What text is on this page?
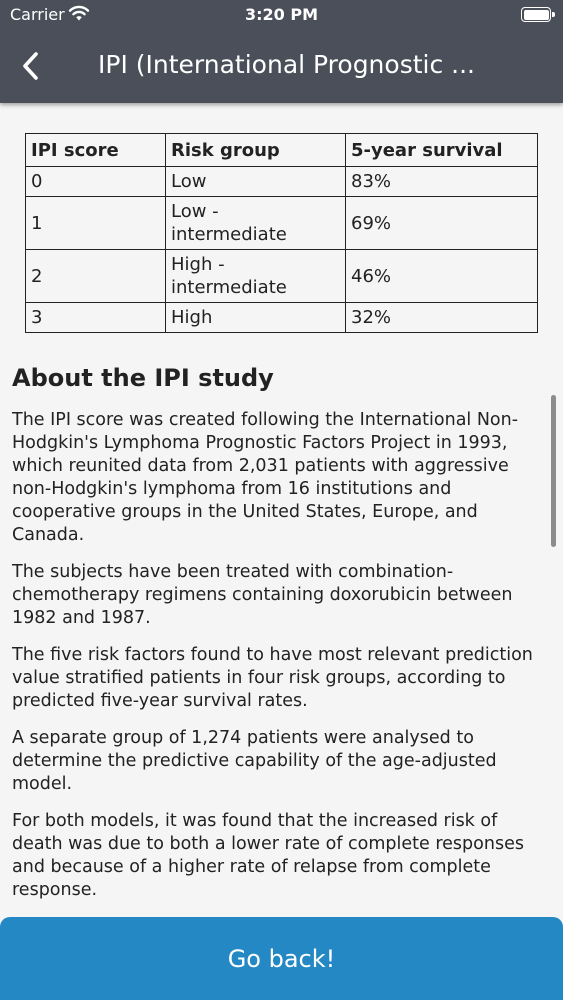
Carrier	3:20 PM
IPI (International Prognostic ...
IPI score	Risk group	5-year survival
0	Low	83%
1	Low - intermediate	69%
2	High - intermediate	46%
3	High	32%
About the IPI study

The IPI score was created following the International Non-Hodgkin's Lymphoma Prognostic Factors Project in 1993, which reunited data from 2,031 patients with aggressive non-Hodgkin's lymphoma from 16 institutions and cooperative groups in the United States, Europe, and Canada.

The subjects have been treated with combination-chemotherapy regimens containing doxorubicin between 1982 and 1987.

The five risk factors found to have most relevant prediction value stratified patients in four risk groups, according to predicted five-year survival rates.

A separate group of 1,274 patients were analysed to determine the predictive capability of the age-adjusted model.

For both models, it was found that the increased risk of death was due to both a lower rate of complete responses and because of a higher rate of relapse from complete response.

Go back!
